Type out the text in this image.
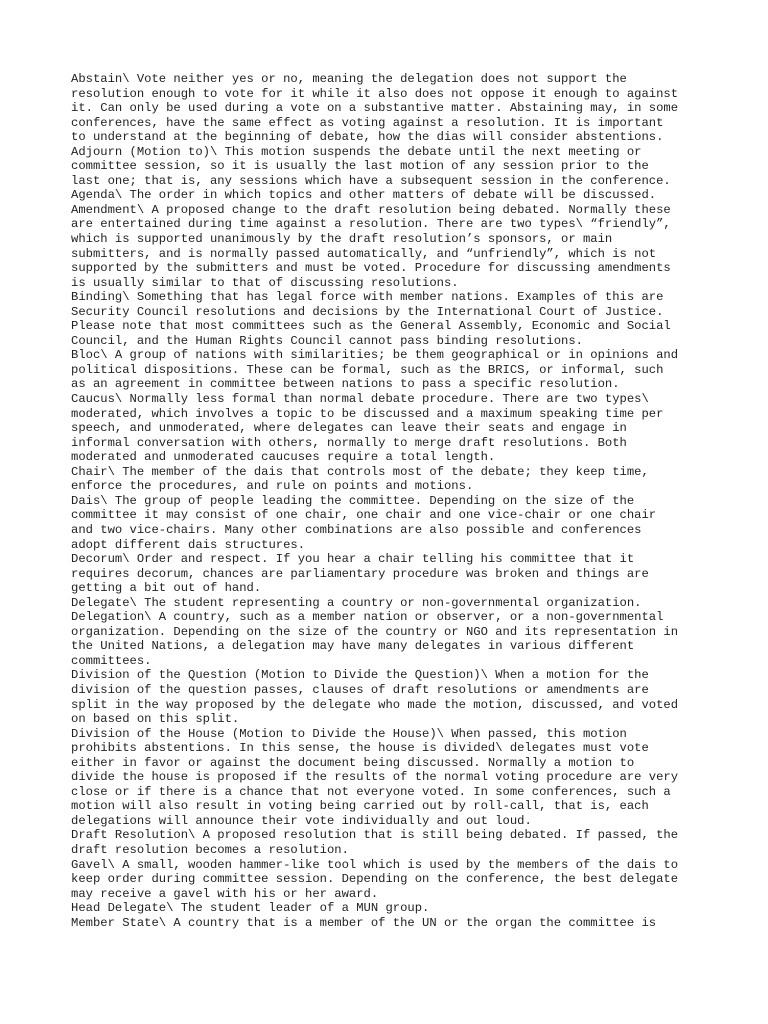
Abstain\ Vote neither yes or no, meaning the delegation does not support the
resolution enough to vote for it while it also does not oppose it enough to against
it. Can only be used during a vote on a substantive matter. Abstaining may, in some
conferences, have the same effect as voting against a resolution. It is important
to understand at the beginning of debate, how the dias will consider abstentions.
Adjourn (Motion to)\ This motion suspends the debate until the next meeting or
committee session, so it is usually the last motion of any session prior to the
last one; that is, any sessions which have a subsequent session in the conference.
Agenda\ The order in which topics and other matters of debate will be discussed.
Amendment\ A proposed change to the draft resolution being debated. Normally these
are entertained during time against a resolution. There are two types\ “friendly”,
which is supported unanimously by the draft resolution’s sponsors, or main
submitters, and is normally passed automatically, and “unfriendly”, which is not
supported by the submitters and must be voted. Procedure for discussing amendments
is usually similar to that of discussing resolutions.
Binding\ Something that has legal force with member nations. Examples of this are
Security Council resolutions and decisions by the International Court of Justice.
Please note that most committees such as the General Assembly, Economic and Social
Council, and the Human Rights Council cannot pass binding resolutions.
Bloc\ A group of nations with similarities; be them geographical or in opinions and
political dispositions. These can be formal, such as the BRICS, or informal, such
as an agreement in committee between nations to pass a specific resolution.
Caucus\ Normally less formal than normal debate procedure. There are two types\
moderated, which involves a topic to be discussed and a maximum speaking time per
speech, and unmoderated, where delegates can leave their seats and engage in
informal conversation with others, normally to merge draft resolutions. Both
moderated and unmoderated caucuses require a total length.
Chair\ The member of the dais that controls most of the debate; they keep time,
enforce the procedures, and rule on points and motions.
Dais\ The group of people leading the committee. Depending on the size of the
committee it may consist of one chair, one chair and one vice-chair or one chair
and two vice-chairs. Many other combinations are also possible and conferences
adopt different dais structures.
Decorum\ Order and respect. If you hear a chair telling his committee that it
requires decorum, chances are parliamentary procedure was broken and things are
getting a bit out of hand.
Delegate\ The student representing a country or non-governmental organization.
Delegation\ A country, such as a member nation or observer, or a non-governmental
organization. Depending on the size of the country or NGO and its representation in
the United Nations, a delegation may have many delegates in various different
committees.
Division of the Question (Motion to Divide the Question)\ When a motion for the
division of the question passes, clauses of draft resolutions or amendments are
split in the way proposed by the delegate who made the motion, discussed, and voted
on based on this split.
Division of the House (Motion to Divide the House)\ When passed, this motion
prohibits abstentions. In this sense, the house is divided\ delegates must vote
either in favor or against the document being discussed. Normally a motion to
divide the house is proposed if the results of the normal voting procedure are very
close or if there is a chance that not everyone voted. In some conferences, such a
motion will also result in voting being carried out by roll-call, that is, each
delegations will announce their vote individually and out loud.
Draft Resolution\ A proposed resolution that is still being debated. If passed, the
draft resolution becomes a resolution.
Gavel\ A small, wooden hammer-like tool which is used by the members of the dais to
keep order during committee session. Depending on the conference, the best delegate
may receive a gavel with his or her award.
Head Delegate\ The student leader of a MUN group.
Member State\ A country that is a member of the UN or the organ the committee is
